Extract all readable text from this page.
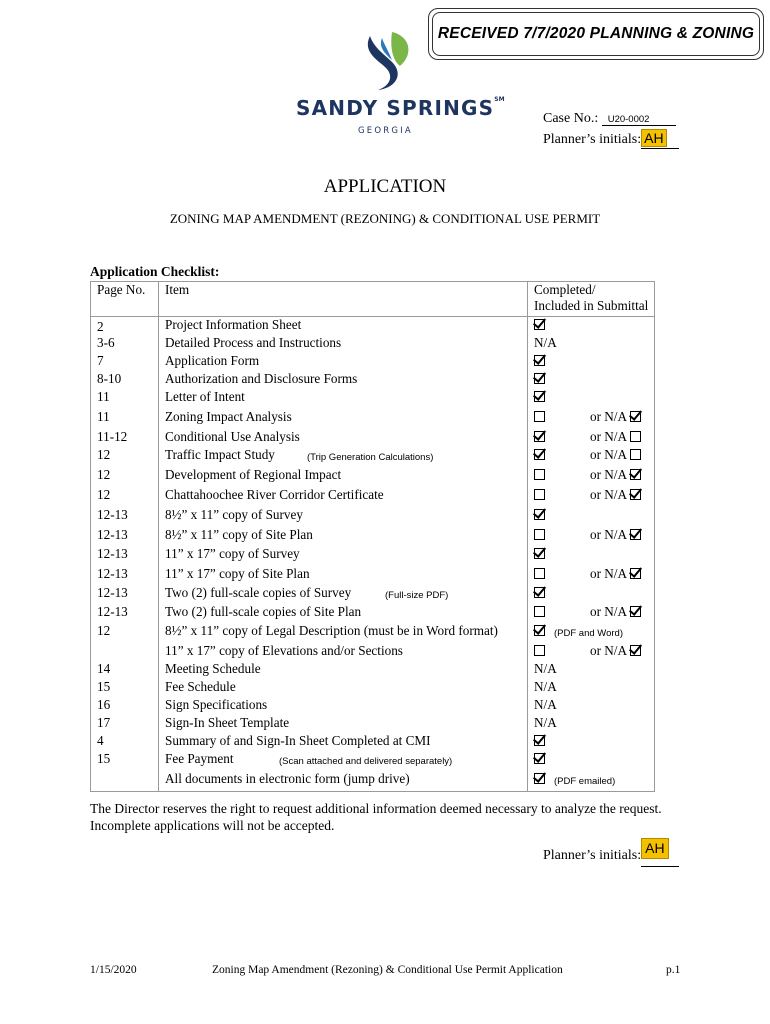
RECEIVED 7/7/2020 PLANNING & ZONING
SANDY SPRINGS℠
GEORGIA
Case No.: U20-0002
Planner’s initials: AH
APPLICATION
ZONING MAP AMENDMENT (REZONING) & CONDITIONAL USE PERMIT
Application Checklist:
Page No.	Item	Completed/
Included in Submittal
2	Project Information Sheet	
3-6	Detailed Process and Instructions	N/A
7	Application Form	
8-10	Authorization and Disclosure Forms	
11	Letter of Intent	
11	Zoning Impact Analysis	or N/A

11-12	Conditional Use Analysis	or N/A

12	Traffic Impact Study (Trip Generation Calculations)	or N/A

12	Development of Regional Impact	or N/A

12	Chattahoochee River Corridor Certificate	or N/A

12-13	8½” x 11” copy of Survey	
12-13	8½” x 11” copy of Site Plan	or N/A

12-13	11” x 17” copy of Survey	
12-13	11” x 17” copy of Site Plan	or N/A

12-13	Two (2) full-scale copies of Survey (Full-size PDF)	

12-13	Two (2) full-scale copies of Site Plan	or N/A

12	8½” x 11” copy of Legal Description (must be in Word format)	(PDF and Word)

	11” x 17” copy of Elevations and/or Sections	or N/A

14	Meeting Schedule	N/A
15	Fee Schedule	N/A
16	Sign Specifications	N/A
17	Sign-In Sheet Template	N/A
4	Summary of and Sign-In Sheet Completed at CMI	
15	Fee Payment (Scan attached and delivered separately)	

	All documents in electronic form (jump drive)	(PDF emailed)
The Director reserves the right to request additional information deemed necessary to analyze the request.
Incomplete applications will not be accepted.
Planner’s initials: AH
1/15/2020	Zoning Map Amendment (Rezoning) & Conditional Use Permit Application	p.1
